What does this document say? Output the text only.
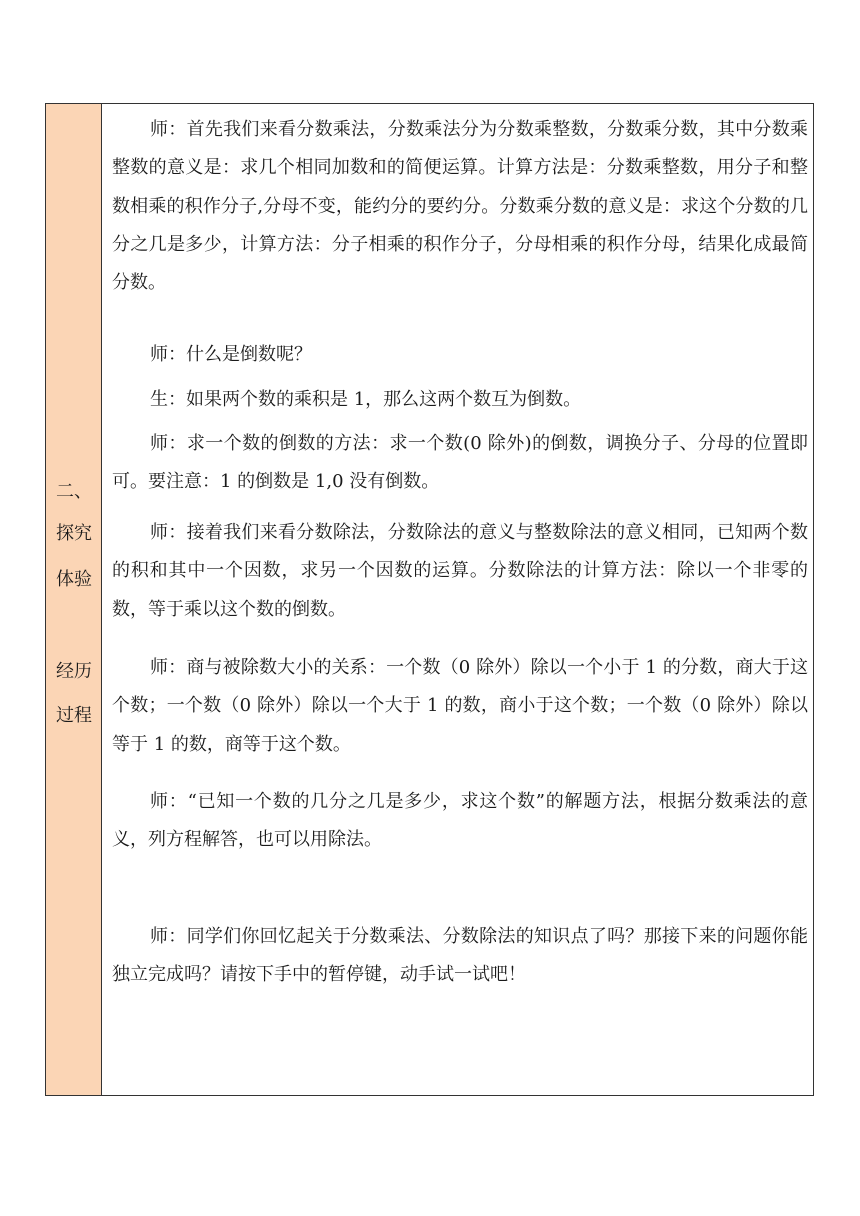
二、
探究
体验
经历
过程

师：首先我们来看分数乘法，分数乘法分为分数乘整数，分数乘分数，其中分数乘整数的意义是：求几个相同加数和的简便运算。计算方法是：分数乘整数，用分子和整数相乘的积作分子,分母不变，能约分的要约分。分数乘分数的意义是：求这个分数的几分之几是多少，计算方法：分子相乘的积作分子，分母相乘的积作分母，结果化成最简分数。

师：什么是倒数呢？

生：如果两个数的乘积是 1，那么这两个数互为倒数。

师：求一个数的倒数的方法：求一个数(0 除外)的倒数，调换分子、分母的位置即可。要注意：1 的倒数是 1,0 没有倒数。

师：接着我们来看分数除法，分数除法的意义与整数除法的意义相同，已知两个数的积和其中一个因数，求另一个因数的运算。分数除法的计算方法：除以一个非零的数，等于乘以这个数的倒数。

师：商与被除数大小的关系：一个数（0 除外）除以一个小于 1 的分数，商大于这个数；一个数（0 除外）除以一个大于 1 的数，商小于这个数；一个数（0 除外）除以等于 1 的数，商等于这个数。

师：“已知一个数的几分之几是多少，求这个数”的解题方法，根据分数乘法的意义，列方程解答，也可以用除法。

师：同学们你回忆起关于分数乘法、分数除法的知识点了吗？那接下来的问题你能独立完成吗？请按下手中的暂停键，动手试一试吧！
